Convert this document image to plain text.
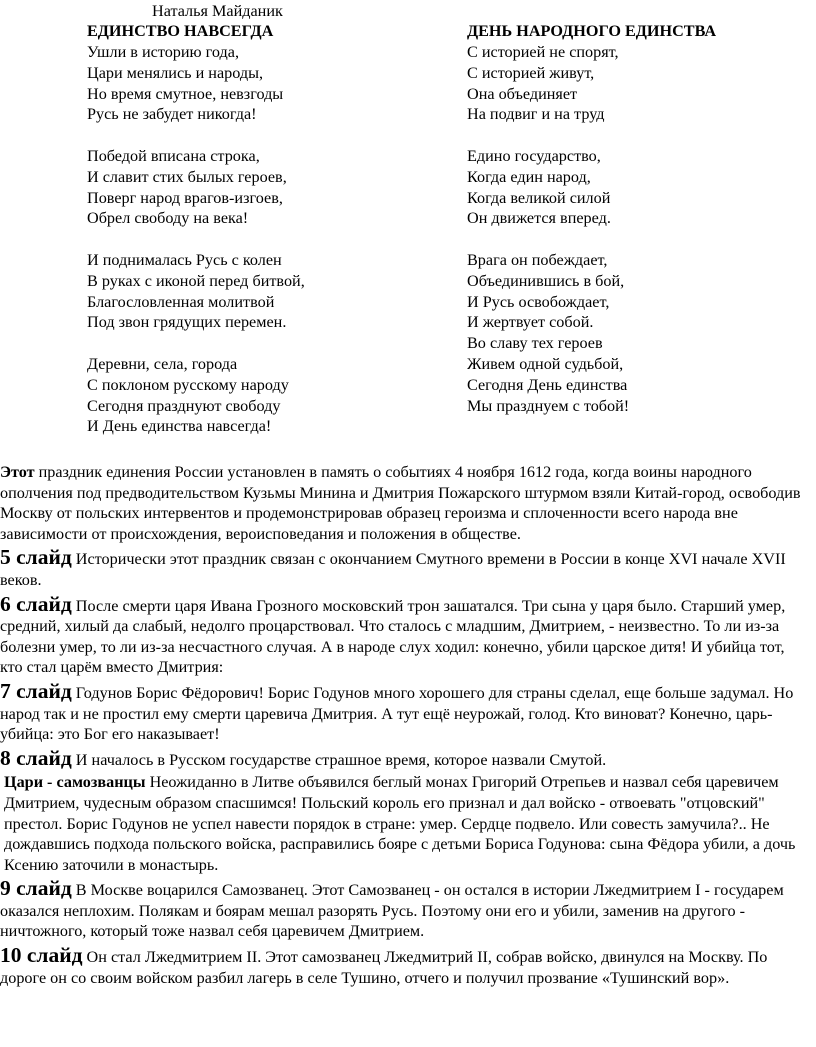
Наталья Майданик
ЕДИНСТВО НАВСЕГДА
Ушли в историю года,
Цари менялись и народы,
Но время смутное, невзгоды
Русь не забудет никогда!
Победой вписана строка,
И славит стих былых героев,
Поверг народ врагов-изгоев,
Обрел свободу на века!
И поднималась Русь с колен
В руках с иконой перед битвой,
Благословленная молитвой
Под звон грядущих перемен.
Деревни, села, города
С поклоном русскому народу
Сегодня празднуют свободу
И День единства навсегда!
ДЕНЬ НАРОДНОГО ЕДИНСТВА
С историей не спорят,
С историей живут,
Она объединяет
На подвиг и на труд
Едино государство,
Когда един народ,
Когда великой силой
Он движется вперед.
Врага он побеждает,
Объединившись в бой,
И Русь освобождает,
И жертвует собой.
Во славу тех героев
Живем одной судьбой,
Сегодня День единства
Мы празднуем с тобой!

Этот праздник единения России установлен в память о событиях 4 ноября 1612 года, когда воины народного ополчения под предводительством Кузьмы Минина и Дмитрия Пожарского штурмом взяли Китай-город, освободив Москву от польских интервентов и продемонстрировав образец героизма и сплоченности всего народа вне зависимости от происхождения, вероисповедания и положения в обществе.

5 слайд Исторически этот праздник связан с окончанием Смутного времени в России в конце XVI начале XVII веков.

6 слайд После смерти царя Ивана Грозного московский трон зашатался. Три сына у царя было. Старший умер, средний, хилый да слабый, недолго процарствовал. Что сталось с младшим, Дмитрием, - неизвестно. То ли из-за болезни умер, то ли из-за несчастного случая. А в народе слух ходил: конечно, убили царское дитя! И убийца тот, кто стал царём вместо Дмитрия:

7 слайд Годунов Борис Фёдорович! Борис Годунов много хорошего для страны сделал, еще больше задумал. Но народ так и не простил ему смерти царевича Дмитрия. А тут ещё неурожай, голод. Кто виноват? Конечно, царь-убийца: это Бог его наказывает!

8 слайд И началось в Русском государстве страшное время, которое назвали Смутой.

Цари - самозванцы Неожиданно в Литве объявился беглый монах Григорий Отрепьев и назвал себя царевичем Дмитрием, чудесным образом спасшимся! Польский король его признал и дал войско - отвоевать "отцовский" престол. Борис Годунов не успел навести порядок в стране: умер. Сердце подвело. Или совесть замучила?.. Не дождавшись подхода польского войска, расправились бояре с детьми Бориса Годунова: сына Фёдора убили, а дочь Ксению заточили в монастырь.

9 слайд В Москве воцарился Самозванец. Этот Самозванец - он остался в истории Лжедмитрием I - государем оказался неплохим. Полякам и боярам мешал разорять Русь. Поэтому они его и убили, заменив на другого - ничтожного, который тоже назвал себя царевичем Дмитрием.

10 слайд Он стал Лжедмитрием II. Этот самозванец Лжедмитрий II, собрав войско, двинулся на Москву. По дороге он со своим войском разбил лагерь в селе Тушино, отчего и получил прозвание «Тушинский вор».
